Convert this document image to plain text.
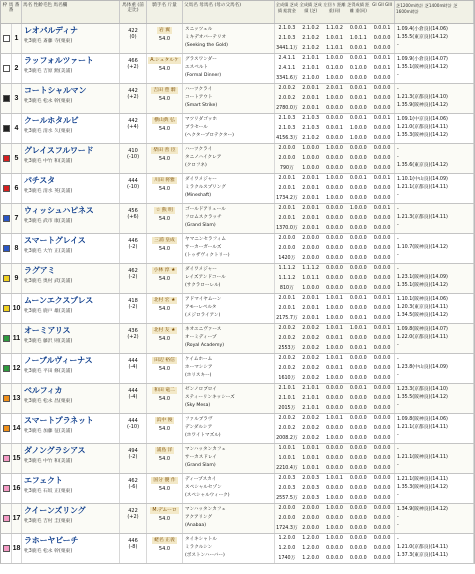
枠 馬 番 番
馬名 性齢毛色 馬名欄	馬体重 (前走比)
騎手名 斤量	父馬名 母馬名 (母の父馬名)	全成績 芝成績 総賞金
全成績 芝成績 (芝)
左回り 距離 重(同)
芝得成績 距離 重(同)
GI GII GIII 芝1200m時計 芝1400m時計 芝1600m時計
1
レオパルディナ
牝3鹿毛 斎藤 寺(栗東)
422
(0)
岩 翼
54.0
スニッツェル
ミキデオバーテリオ
(Seeking the Gold)
2.1.0.3	2.1.0.2	1.1.0.2	0.0.0.1	0.0.0.1
2.1.0.3	2.1.0.2	1.0.0.1	1.0.1.1	0.0.0.0
3441.1万 2.1.0.2	1.1.0.1	0.0.0.1	0.0.0.0
1.09.4(小倉良)(14.06)
1.35.5(東京良)(14.12)
-
2
ラッフォルツァート
牝3鹿毛 吉原 勲(美浦)
466
(+2)
A.シュタルケ
54.0
グラスワンダー
エスペルト
(Formal Dinner)
2.4.1.1	2.1.0.1	1.0.0.0	0.0.0.1	0.0.0.1
2.4.1.1	2.1.0.1	0.1.0.0	0.1.0.0	0.0.0.1
3341.6万 2.1.0.0	1.0.0.0	0.0.0.0	0.0.0.0
1.09.9(小倉良)(14.07)
1.35.1(阪神良)(14.12)
-
3
コートシャルマン
牝3鹿毛 松永 幹(栗東)
442
(+2)
吉田 豊 騎
54.0
ハーツクライ
コートアウト
(Smart Strike)
2.0.0.2	2.0.0.1	2.0.0.1	0.0.0.1	0.0.0.0
2.0.0.2	2.0.0.1	1.0.0.0	0.0.0.1	0.0.0.0
2780.0万 2.0.0.1	0.0.0.0	0.0.0.0	0.0.0.0
-
1.21.3(京都良)(14.10)
1.35.9(阪神良)(14.12)
4
クールホタルビ
牝3鹿毛 清水 久(栗東)
442
(+4)
横山典 弘
54.0
マツリダゴッホ
ブラセール
(ヘクタープロテクター)
2.1.0.3	2.1.0.3	0.0.0.0	0.0.0.1	0.0.0.1
2.1.0.3	2.1.0.3	0.0.0.1	1.0.0.0	0.0.0.0
4156.3万 2.1.0.2	0.0.0.0	1.0.0.0	0.0.0.0
1.09.1(中京良)(14.06)
1.21.0(京都良)(14.11)
1.35.3(阪神良)(14.12)
5
グレイスフルワード
牝3鹿毛 中竹 和(美浦)
410
(-10)
柴田 善 臣
54.0
ハーツクライ
タニノハイクレア
(クロフネ)
2.0.0.0	1.0.0.0	1.0.0.0	0.0.0.0	0.0.0.0
2.0.0.0	1.0.0.0	0.0.0.0	0.0.0.0	0.0.0.0
790万	1.0.0.0	0.0.0.0	0.0.0.0	0.0.0.0
-
-
1.35.6(東京良)(14.12)
6
パチスタ
牝3鹿毛 清水 英(美浦)
444
(-10)
川田 将雅
54.0
ダイワメジャー
ミラクルスプリング
(Mineshaft)
2.0.0.1	2.0.0.1	1.0.0.0	0.0.0.1	0.0.0.1
2.0.0.1	2.0.0.1	0.0.0.0	0.0.0.0	0.0.0.0
1734.2万 2.0.0.1	1.0.0.0	0.0.0.0	0.0.0.0
1.10.1(中山良)(14.09)
1.21.1(京都良)(14.11)
-
7
ウィッシュハピネス
牝3鹿毛 武市 康(美浦)
456
(+6)
☆ 熊 明
54.0
ゴールドアリュール
フロムスクラッチ
(Grand Slam)
2.0.0.1	2.0.0.1	0.0.0.0	1.0.0.0	0.0.0.1
2.0.0.1	2.0.0.1	0.0.0.0	0.0.0.0	0.0.0.0
1370.0万 2.0.0.1	0.0.0.0	0.0.0.0	0.0.0.0
-
1.21.3(京都良)(14.11)
-
8
スマートグレイス
牝3鹿毛 大竹 正(美浦)
446
(-2)
三浦 皇成
54.0
ヤマニンセラフィム
サーカーガールズ
(トゥザヴィクトリー)
2.0.0.0	2.0.0.0	0.0.0.0	0.0.0.0	0.0.0.0
2.0.0.0	2.0.0.0	0.0.0.0	0.0.0.0	0.0.0.0
1420万	2.0.0.0	0.0.0.0	0.0.0.0	0.0.0.0
-
1.10.7(阪神良)(14.12)
-
9
ラグアミ
牝3鹿毛 奥村 武(美浦)
462
(-2)
小林 淳 ★
54.0
ダイワメジャー
レイズアンドコール
(サクラローレル)
1.1.1.2	1.1.1.2	0.0.0.0	0.0.0.0	0.0.0.0
1.1.1.2	1.0.1.1	0.0.0.0	0.0.0.0	0.0.0.0
810万	1.0.0.0	0.0.0.0	0.0.0.0	0.0.0.0
-
1.23.1(阪神良)(14.09)
1.35.1(阪神良)(14.12)
10
ムーンエクスプレス
牝3鹿毛 鹿戸 雄(美浦)
418
(-2)
北村 宏 ★
54.0
アドマイヤムーン
アモーレペルタ
(メジロライアン)
2.0.0.1	2.0.0.1	1.0.0.1	0.0.0.1	0.0.0.1
2.0.0.1	2.0.0.1	1.0.0.0	0.0.0.0	0.0.0.0
2175.7万 2.0.0.1	1.0.0.0	0.0.0.1	0.0.0.0
1.10.1(阪神良)(14.06)
1.20.3(東京良)(14.11)
1.34.5(阪神良)(14.12)
11
オーミアリス
牝3鹿毛 藤沢 則(美浦)
436
(+2)
北村 友 ★
54.0
ネオユニヴァース
オーミディープ
(Royal Academy)
2.0.0.2	2.0.0.2	1.0.0.1	1.0.0.1	0.0.0.1
2.0.0.2	2.0.0.2	0.0.0.1	0.0.0.0	0.0.0.0
2553万	2.0.0.2	1.0.0.0	0.0.0.1	0.0.0.0
1.09.8(阪神良)(14.07)
1.22.0(京都良)(14.11)
-
12
ノーブルヴィーナス
牝3鹿毛 平田 修(美浦)
444
(-4)
田辺 裕信
54.0
ケイムホーム
ホーマシシア
(ホリスキー)
2.0.0.2	2.0.0.2	1.0.0.1	0.0.0.0	0.0.0.0
2.0.0.2	2.0.0.2	0.0.0.1	0.0.0.0	0.0.0.0
1610万	2.0.0.2	1.0.0.0	0.0.0.0	0.0.0.0
-
1.23.8(中山良)(14.09)
-
13
ベルフィカ
牝3鹿毛 松永 昌(栗東)
444
(-4)
和田 竜二
54.0
ゼンノロブロイ
スティーリンキッシーズ
(Sky Mesa)
2.1.0.1	2.1.0.1	0.0.0.0	0.0.0.1	0.0.0.0
2.1.0.1	2.1.0.1	0.0.0.0	0.0.0.0	0.0.0.0
2015万	2.1.0.1	0.0.0.0	0.0.0.0	0.0.0.0
1.23.3(京都良)(14.10)
1.35.5(阪神良)(14.12)
-
14
スマートプラネット
牝3鹿毛 加藤 征(美浦)
444
(-10)
浜中 俊
54.0
ファルブラヴ
デンダルシア
(ホワイトマズル)
2.0.0.2	2.0.0.2	1.0.0.1	0.0.0.0	0.0.0.0
2.0.0.2	2.0.0.2	0.0.0.0	0.0.0.0	0.0.0.0
2008.2万 2.0.0.2	1.0.0.0	0.0.0.0	0.0.0.0
1.09.8(阪神良)(14.06)
1.21.1(京都良)(14.11)
-
15
ダノングラシアス
牝3鹿毛 中竹 和(美浦)
494
(-2)
浦島 洋
54.0
マンハッタンカフェ
サーカスドレイ
(Grand Slam)
1.0.0.1	1.0.0.1	0.0.0.0	0.0.0.0	0.0.0.0
1.0.0.1	1.0.0.1	0.0.0.0	0.0.0.0	0.0.0.0
2210.4万 1.0.0.1	0.0.0.0	0.0.0.0	0.0.0.0
-
1.21.1(阪神良)(14.11)
-
16
エフェクト
牝3鹿毛 石坂 正(栗東)
462
(-6)
国分 優 作
54.0
ディープスカイ
スペシャルセゾン
(スペシャルウィーク)
2.0.0.3	2.0.0.3	1.0.0.1	0.0.0.0	0.0.0.0
2.0.0.3	2.0.0.3	0.0.0.0	0.0.0.0	0.0.0.0
2557.5万 2.0.0.3	1.0.0.0	0.0.0.0	0.0.0.0
1.21.1(阪神良)(14.11)
1.35.3(阪神良)(14.12)
-
17
クイーンズリング
牝3鹿毛 吉村 圭(栗東)
422
(+2)
M.デムーロ
54.0
マンハッタンカフェ
アクアリング
(Anabaa)
2.0.0.0	2.0.0.0	1.0.0.0	0.0.0.0	0.0.0.0
2.0.0.0	2.0.0.0	0.0.0.0	0.0.0.0	0.0.0.0
1724.3万 2.0.0.0	1.0.0.0	0.0.0.0	0.0.0.0
1.34.9(阪神良)(14.12)
-
-
18
ラホーヤビーチ
牝3鹿毛 松永 幹(栗東)
446
(-8)
蛯名 正義
54.0
タイキシャトル
ミラクルシン
(ボストンハーバー)
1.2.0.0	1.2.0.0	1.0.0.0	0.0.0.0	0.0.0.0
1.2.0.0	1.2.0.0	0.0.0.0	0.0.0.0	0.0.0.0
1740万	1.2.0.0	0.0.0.0	0.0.0.0	0.0.0.0
-
1.21.0(京都良)(14.11)
1.37.3(東京良)(14.11)
